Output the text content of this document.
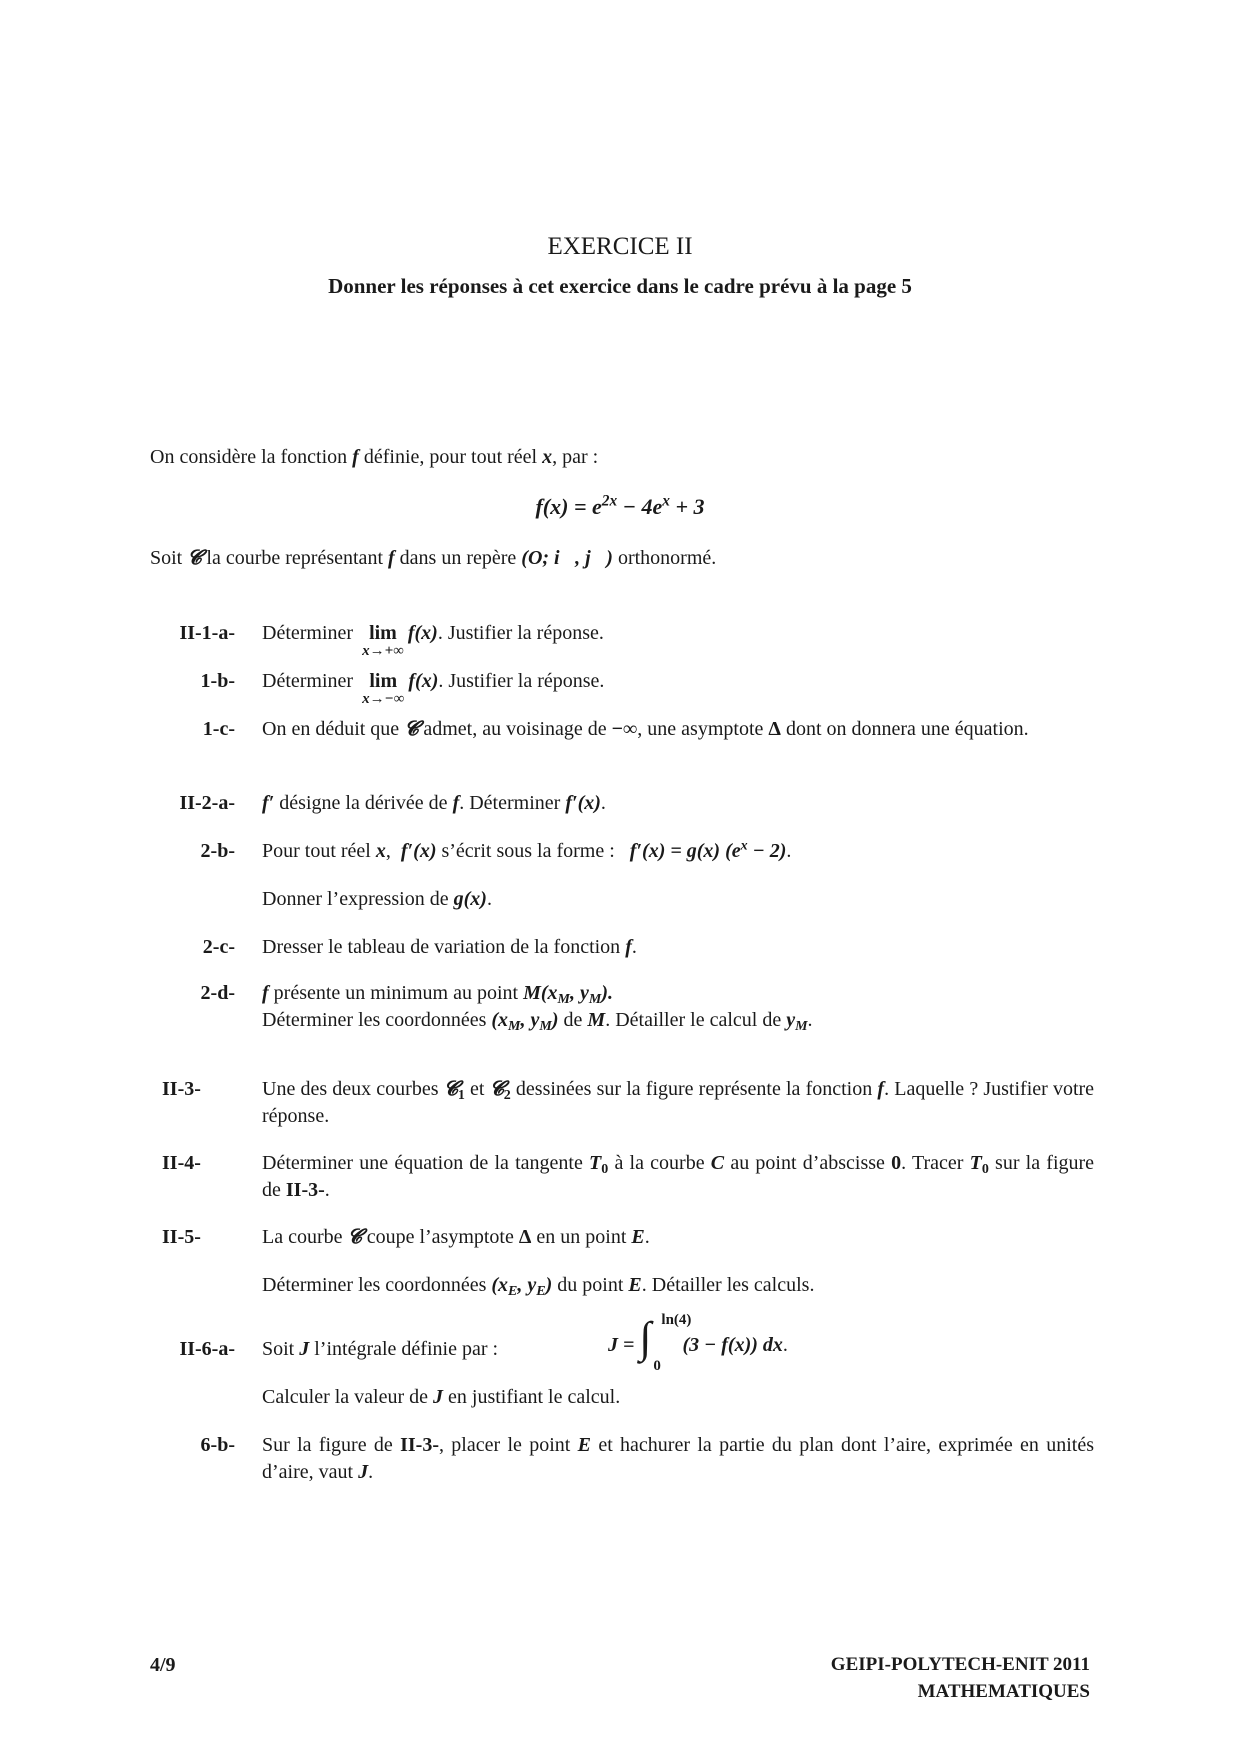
EXERCICE II
Donner les réponses à cet exercice dans le cadre prévu à la page 5
On considère la fonction f définie, pour tout réel x, par :
$f(x) = e^{2x} - 4e^x + 3$
Soit 𝓒 la courbe représentant f dans un repère (O; i⃗, j⃗) orthonormé.
II-1-a- Déterminer lim
x→+∞
f(x). Justifier la réponse.
1-b- Déterminer lim
x→−∞
f(x). Justifier la réponse.
1-c- On en déduit que 𝓒 admet, au voisinage de −∞, une asymptote Δ dont on donnera une équation.
II-2-a- f′ désigne la dérivée de f. Déterminer f′(x).
2-b- Pour tout réel x, f′(x) s’écrit sous la forme : f′(x) = g(x) $(e^x - 2)$.
Donner l’expression de g(x).
2-c- Dresser le tableau de variation de la fonction f.
2-d- f présente un minimum au point $M(x_M$, $y_M$).
Déterminer les coordonnées ($x_M$, $y_M$) de M. Détailler le calcul de $y_M$.
II-3-	Une des deux courbes 𝓒$_1$ et 𝓒$_2$ dessinées sur la figure représente la fonction f. Laquelle ? Justifier votre réponse.
II-4-	Déterminer une équation de la tangente $T_0$ à la courbe C au point d’abscisse 0. Tracer $T_0$ sur la figure de II-3-.
II-5-	La courbe 𝓒 coupe l’asymptote Δ en un point E.
Déterminer les coordonnées ($x_E$, $y_E$) du point E. Détailler les calculs.
II-6-a- Soit J l’intégrale définie par :	J = ∫ ln(4)
0
(3 − f(x)) dx.
Calculer la valeur de J en justifiant le calcul.
6-b- Sur la figure de II-3-, placer le point E et hachurer la partie du plan dont l’aire, exprimée en unités d’aire, vaut J.
4/9	GEIPI-POLYTECH-ENIT 2011
MATHEMATIQUES
